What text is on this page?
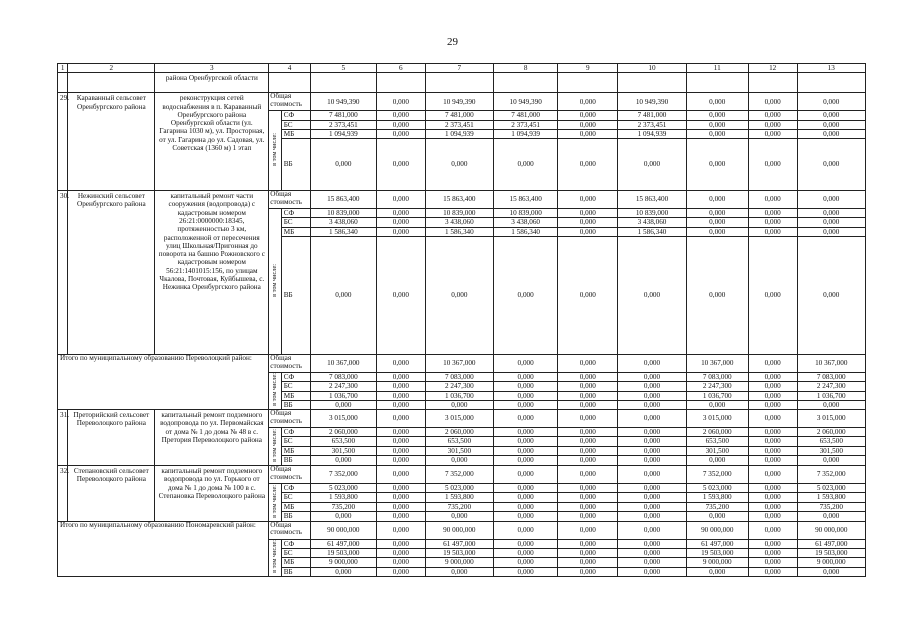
29
1	2	3	4		5	6	7	8	9	10	11	12	13
		района Оренбургской области											
29.	Караванный сельсовет Оренбургского района	реконструкция сетей водоснабжения в п. Караванный Оренбургского района Оренбургской области (ул. Гагарина 1030 м), ул. Просторная, от ул. Гагарина до ул. Садовая, ул. Советская (1360 м) 1 этап	Общая стоимость		10 949,390	0,000	10 949,390	10 949,390	0,000	10 949,390	0,000	0,000	0,000
			в том числе:	СФ	7 481,000	0,000	7 481,000	7 481,000	0,000	7 481,000	0,000	0,000	0,000
				БС	2 373,451	0,000	2 373,451	2 373,451	0,000	2 373,451	0,000	0,000	0,000
				МБ	1 094,939	0,000	1 094,939	1 094,939	0,000	1 094,939	0,000	0,000	0,000
				ВБ	0,000	0,000	0,000	0,000	0,000	0,000	0,000	0,000	0,000
30.	Нежинский сельсовет Оренбургского района	капитальный ремонт части сооружения (водопровода) с кадастровым номером 26:21:0000000:18345, протяженностью 3 км, расположенной от пересечения улиц Школьная/Пригонная до поворота на башню Рожновского с кадастровым номером 56:21:1401015:156, по улицам Чкалова, Почтовая, Куйбышева, с. Нежинка Оренбургского района	Общая стоимость		15 863,400	0,000	15 863,400	15 863,400	0,000	15 863,400	0,000	0,000	0,000
			в том числе:	СФ	10 839,000	0,000	10 839,000	10 839,000	0,000	10 839,000	0,000	0,000	0,000
				БС	3 438,060	0,000	3 438,060	3 438,060	0,000	3 438,060	0,000	0,000	0,000
				МБ	1 586,340	0,000	1 586,340	1 586,340	0,000	1 586,340	0,000	0,000	0,000
				ВБ	0,000	0,000	0,000	0,000	0,000	0,000	0,000	0,000	0,000
Итого по муниципальному образованию Переволоцкий район:			Общая стоимость		10 367,000	0,000	10 367,000	0,000	0,000	0,000	10 367,000	0,000	10 367,000
			в том числе:	СФ	7 083,000	0,000	7 083,000	0,000	0,000	0,000	7 083,000	0,000	7 083,000
				БС	2 247,300	0,000	2 247,300	0,000	0,000	0,000	2 247,300	0,000	2 247,300
				МБ	1 036,700	0,000	1 036,700	0,000	0,000	0,000	1 036,700	0,000	1 036,700
				ВБ	0,000	0,000	0,000	0,000	0,000	0,000	0,000	0,000	0,000
31.	Преторийский сельсовет Переволоцкого района	капитальный ремонт подземного водопровода по ул. Первомайская от дома № 1 до дома № 48 в с. Претория Переволоцкого района	Общая стоимость		3 015,000	0,000	3 015,000	0,000	0,000	0,000	3 015,000	0,000	3 015,000
			в том числе:	СФ	2 060,000	0,000	2 060,000	0,000	0,000	0,000	2 060,000	0,000	2 060,000
				БС	653,500	0,000	653,500	0,000	0,000	0,000	653,500	0,000	653,500
				МБ	301,500	0,000	301,500	0,000	0,000	0,000	301,500	0,000	301,500
				ВБ	0,000	0,000	0,000	0,000	0,000	0,000	0,000	0,000	0,000
32.	Степановский сельсовет Переволоцкого района	капитальный ремонт подземного водопровода по ул. Горького от дома № 1 до дома № 100 в с. Степановка Переволоцкого района	Общая стоимость		7 352,000	0,000	7 352,000	0,000	0,000	0,000	7 352,000	0,000	7 352,000
			в том числе:	СФ	5 023,000	0,000	5 023,000	0,000	0,000	0,000	5 023,000	0,000	5 023,000
				БС	1 593,800	0,000	1 593,800	0,000	0,000	0,000	1 593,800	0,000	1 593,800
				МБ	735,200	0,000	735,200	0,000	0,000	0,000	735,200	0,000	735,200
				ВБ	0,000	0,000	0,000	0,000	0,000	0,000	0,000	0,000	0,000
Итого по муниципальному образованию Пономаревский район:			Общая стоимость		90 000,000	0,000	90 000,000	0,000	0,000	0,000	90 000,000	0,000	90 000,000
			в том числе:	СФ	61 497,000	0,000	61 497,000	0,000	0,000	0,000	61 497,000	0,000	61 497,000
				БС	19 503,000	0,000	19 503,000	0,000	0,000	0,000	19 503,000	0,000	19 503,000
				МБ	9 000,000	0,000	9 000,000	0,000	0,000	0,000	9 000,000	0,000	9 000,000
				ВБ	0,000	0,000	0,000	0,000	0,000	0,000	0,000	0,000	0,000
